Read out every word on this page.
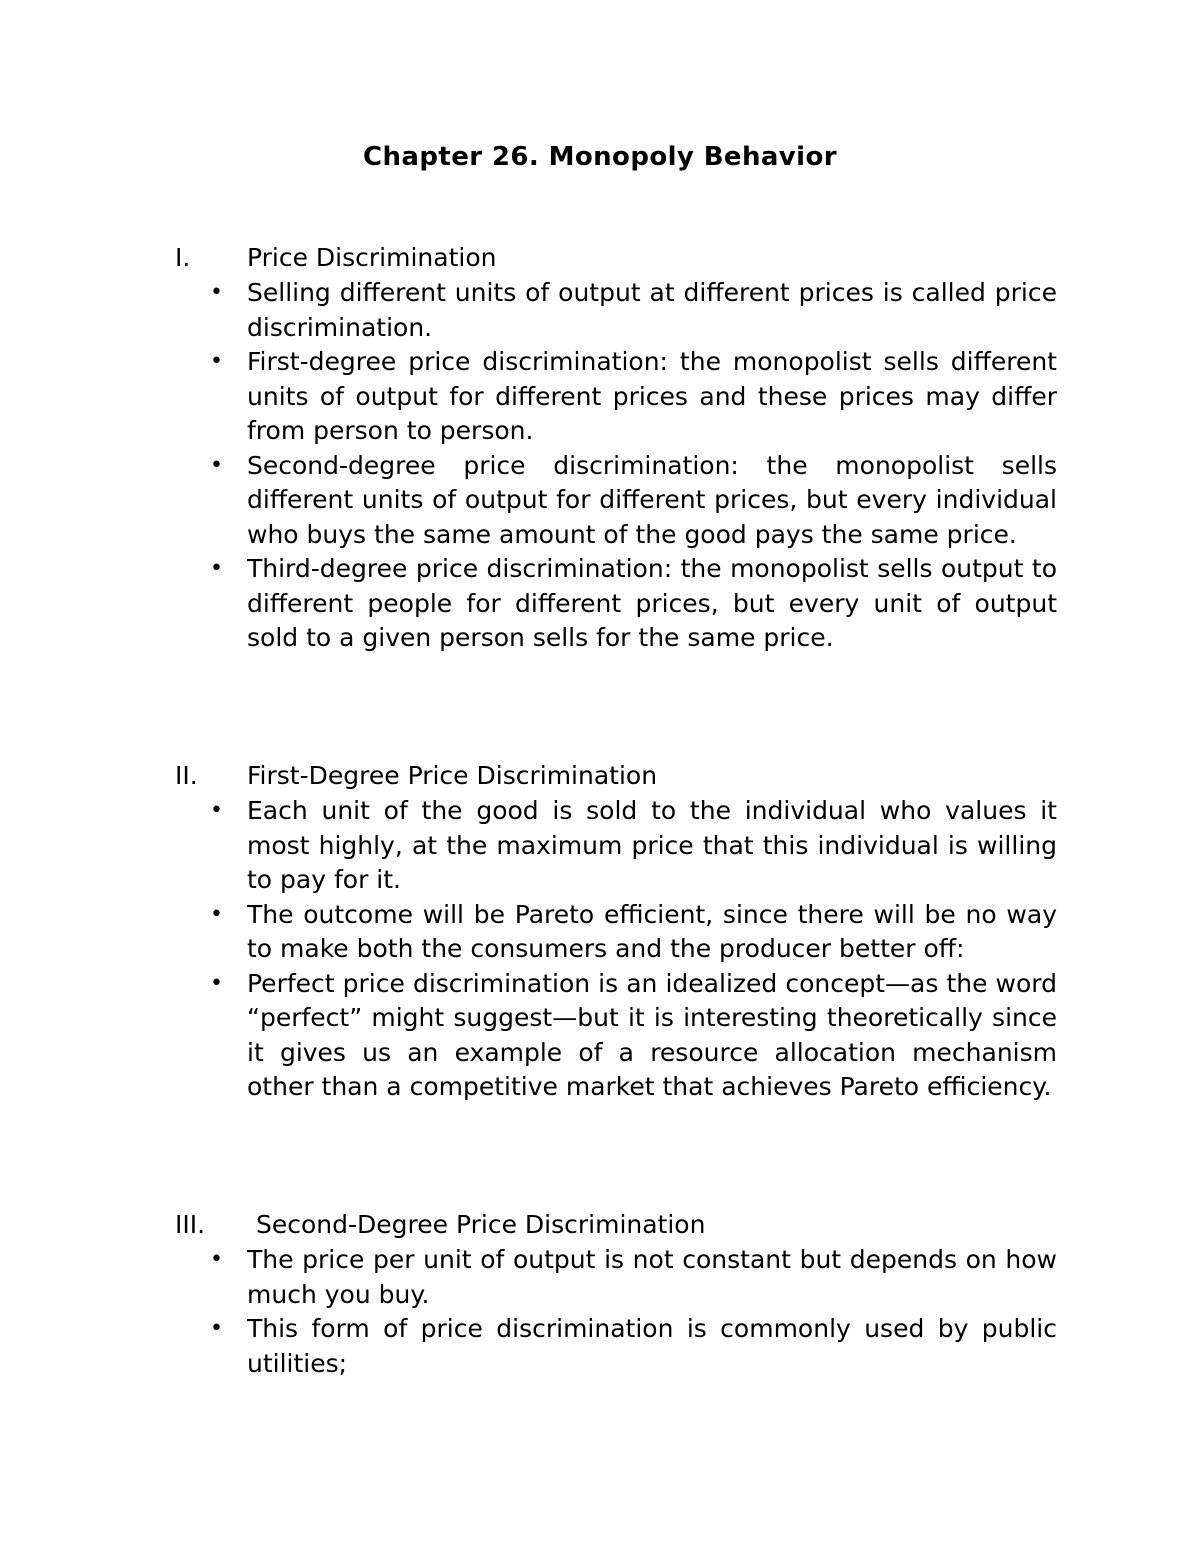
Chapter 26. Monopoly Behavior
I. Price Discrimination
• Selling different units of output at different prices is called price discrimination.
• First-degree price discrimination: the monopolist sells different units of output for different prices and these prices may differ from person to person.
• Second-degree price discrimination: the monopolist sells different units of output for different prices, but every individual who buys the same amount of the good pays the same price.
• Third-degree price discrimination: the monopolist sells output to different people for different prices, but every unit of output sold to a given person sells for the same price.
II. First-Degree Price Discrimination
• Each unit of the good is sold to the individual who values it most highly, at the maximum price that this individual is willing to pay for it.
• The outcome will be Pareto efficient, since there will be no way to make both the consumers and the producer better off:
• Perfect price discrimination is an idealized concept—as the word “perfect” might suggest—but it is interesting theoretically since it gives us an example of a resource allocation mechanism other than a competitive market that achieves Pareto efficiency.
III. Second-Degree Price Discrimination
• The price per unit of output is not constant but depends on how much you buy.
• This form of price discrimination is commonly used by public utilities;
